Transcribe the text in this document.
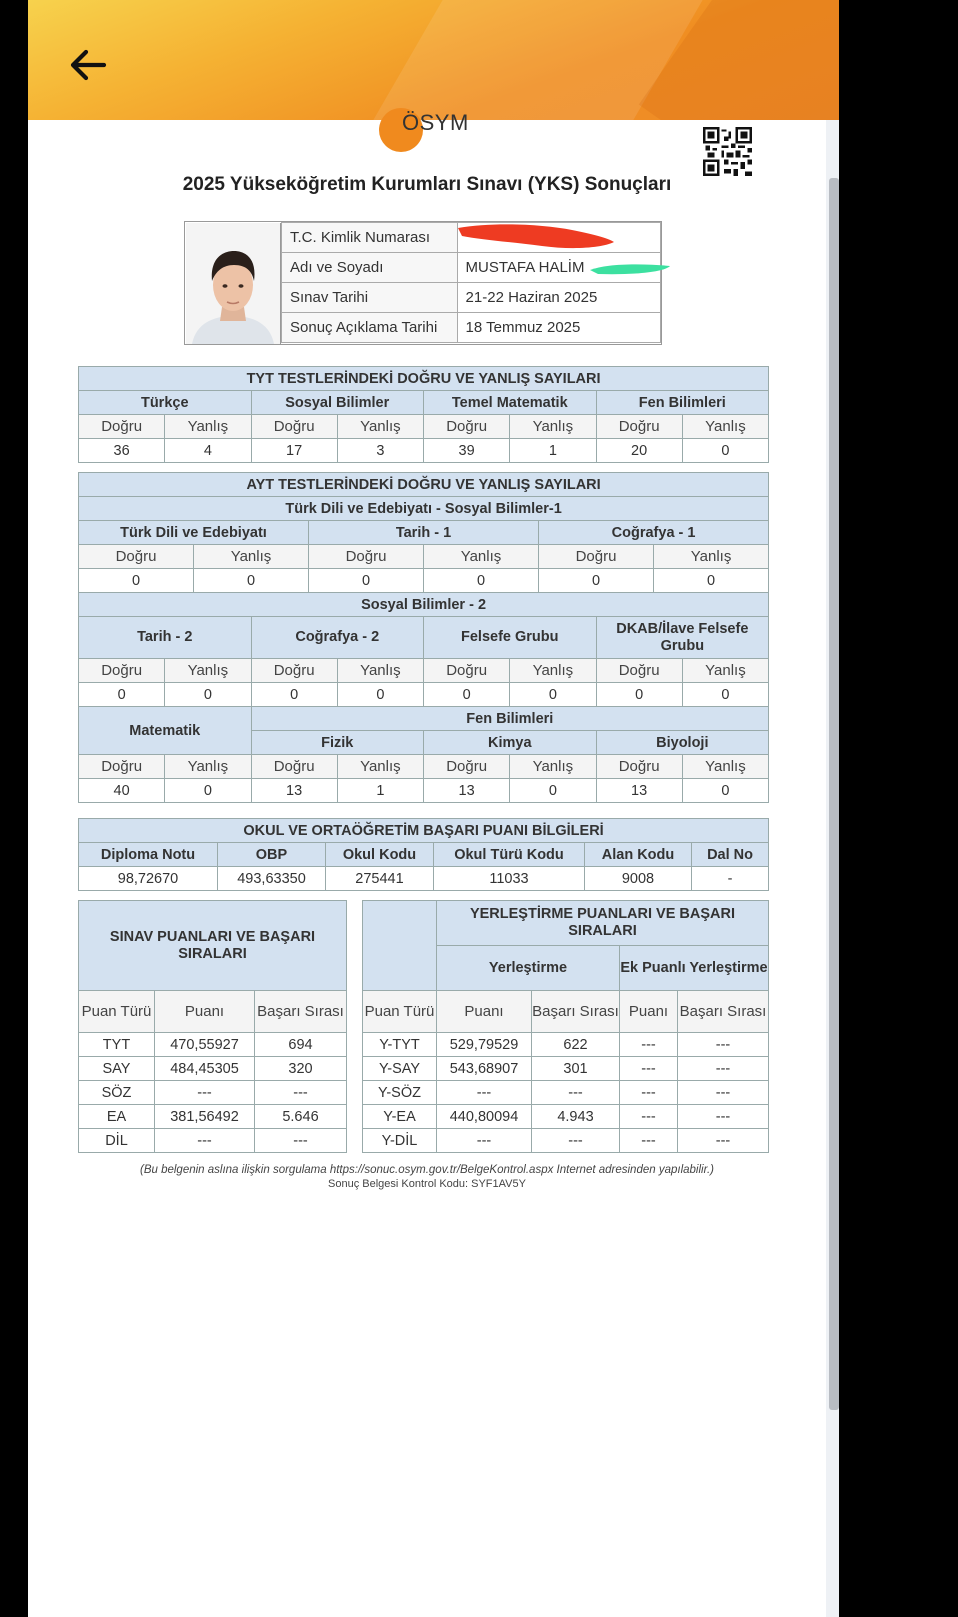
ÖSYM
2025 Yükseköğretim Kurumları Sınavı (YKS) Sonuçları
T.C. Kimlik Numarası	
Adı ve Soyadı	MUSTAFA HALİM
Sınav Tarihi	21-22 Haziran 2025
Sonuç Açıklama Tarihi	18 Temmuz 2025
TYT TESTLERİNDEKİ DOĞRU VE YANLIŞ SAYILARI							
Türkçe		Sosyal Bilimler		Temel Matematik		Fen Bilimleri	
Doğru	Yanlış	Doğru	Yanlış	Doğru	Yanlış	Doğru	Yanlış
36	4	17	3	39	1	20	0
AYT TESTLERİNDEKİ DOĞRU VE YANLIŞ SAYILARI											
Türk Dili ve Edebiyatı - Sosyal Bilimler-1											
Türk Dili ve Edebiyatı				Tarih - 1				Coğrafya - 1			
Doğru		Yanlış		Doğru		Yanlış		Doğru		Yanlış	
0		0		0		0		0		0	
Sosyal Bilimler - 2											
Tarih - 2			Coğrafya - 2			Felsefe Grubu			DKAB/İlave Felsefe Grubu		
Doğru	Yanlış		Doğru		Yanlış	Doğru	Yanlış		Doğru		Yanlış
0	0		0		0	0	0		0		0
Matematik			Fen Bilimleri								
			Fizik			Kimya			Biyoloji		
Doğru	Yanlış		Doğru		Yanlış	Doğru	Yanlış		Doğru		Yanlış
40	0		13		1	13	0		13		0
OKUL VE ORTAÖĞRETİM BAŞARI PUANI BİLGİLERİ					
Diploma Notu	OBP	Okul Kodu	Okul Türü Kodu	Alan Kodu	Dal No
98,72670	493,63350	275441	11033	9008	-
SINAV PUANLARI VE BAŞARI SIRALARI		
Puan Türü	Puanı	Başarı Sırası
TYT	470,55927	694
SAY	484,45305	320
SÖZ	---	---
EA	381,56492	5.646
DİL	---	---
	YERLEŞTİRME PUANLARI VE BAŞARI SIRALARI			
	Yerleştirme		Ek Puanlı Yerleştirme	
Puan Türü	Puanı	Başarı Sırası	Puanı	Başarı Sırası
Y-TYT	529,79529	622	---	---
Y-SAY	543,68907	301	---	---
Y-SÖZ	---	---	---	---
Y-EA	440,80094	4.943	---	---
Y-DİL	---	---	---	---
(Bu belgenin aslına ilişkin sorgulama https://sonuc.osym.gov.tr/BelgeKontrol.aspx Internet adresinden yapılabilir.)
Sonuç Belgesi Kontrol Kodu: SYF1AV5Y
